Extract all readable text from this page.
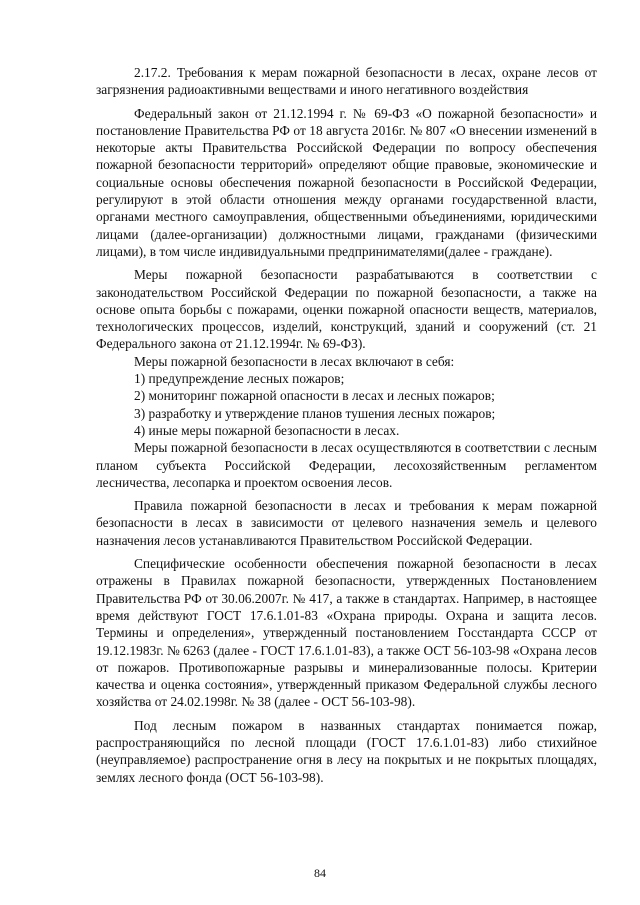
2.17.2. Требования к мерам пожарной безопасности в лесах, охране лесов от загрязнения радиоактивными веществами и иного негативного воздействия

Федеральный закон от 21.12.1994 г. № 69-ФЗ «О пожарной безопасности» и постановление Правительства РФ от 18 августа 2016г. № 807 «О внесении изменений в некоторые акты Правительства Российской Федерации по вопросу обеспечения пожарной безопасности территорий» определяют общие правовые, экономические и социальные основы обеспечения пожарной безопасности в Российской Федерации, регулируют в этой области отношения между органами государственной власти, органами местного самоуправления, общественными объединениями, юридическими лицами (далее-организации) должностными лицами, гражданами (физическими лицами), в том числе индивидуальными предпринимателями(далее - граждане).

Меры пожарной безопасности разрабатываются в соответствии с законодательством Российской Федерации по пожарной безопасности, а также на основе опыта борьбы с пожарами, оценки пожарной опасности веществ, материалов, технологических процессов, изделий, конструкций, зданий и сооружений (ст. 21 Федерального закона от 21.12.1994г. № 69-ФЗ).

Меры пожарной безопасности в лесах включают в себя:

1) предупреждение лесных пожаров;

2) мониторинг пожарной опасности в лесах и лесных пожаров;

3) разработку и утверждение планов тушения лесных пожаров;

4) иные меры пожарной безопасности в лесах.

Меры пожарной безопасности в лесах осуществляются в соответствии с лесным планом субъекта Российской Федерации, лесохозяйственным регламентом лесничества, лесопарка и проектом освоения лесов.

Правила пожарной безопасности в лесах и требования к мерам пожарной безопасности в лесах в зависимости от целевого назначения земель и целевого назначения лесов устанавливаются Правительством Российской Федерации.

Специфические особенности обеспечения пожарной безопасности в лесах отражены в Правилах пожарной безопасности, утвержденных Постановлением Правительства РФ от 30.06.2007г. № 417, а также в стандартах. Например, в настоящее время действуют ГОСТ 17.6.1.01-83 «Охрана природы. Охрана и защита лесов. Термины и определения», утвержденный постановлением Госстандарта СССР от 19.12.1983г. № 6263 (далее - ГОСТ 17.6.1.01-83), а также ОСТ 56-103-98 «Охрана лесов от пожаров. Противопожарные разрывы и минерализованные полосы. Критерии качества и оценка состояния», утвержденный приказом Федеральной службы лесного хозяйства от 24.02.1998г. № 38 (далее - ОСТ 56-103-98).

Под лесным пожаром в названных стандартах понимается пожар, распространяющийся по лесной площади (ГОСТ 17.6.1.01-83) либо стихийное (неуправляемое) распространение огня в лесу на покрытых и не покрытых площадях, землях лесного фонда (ОСТ 56-103-98).

84
